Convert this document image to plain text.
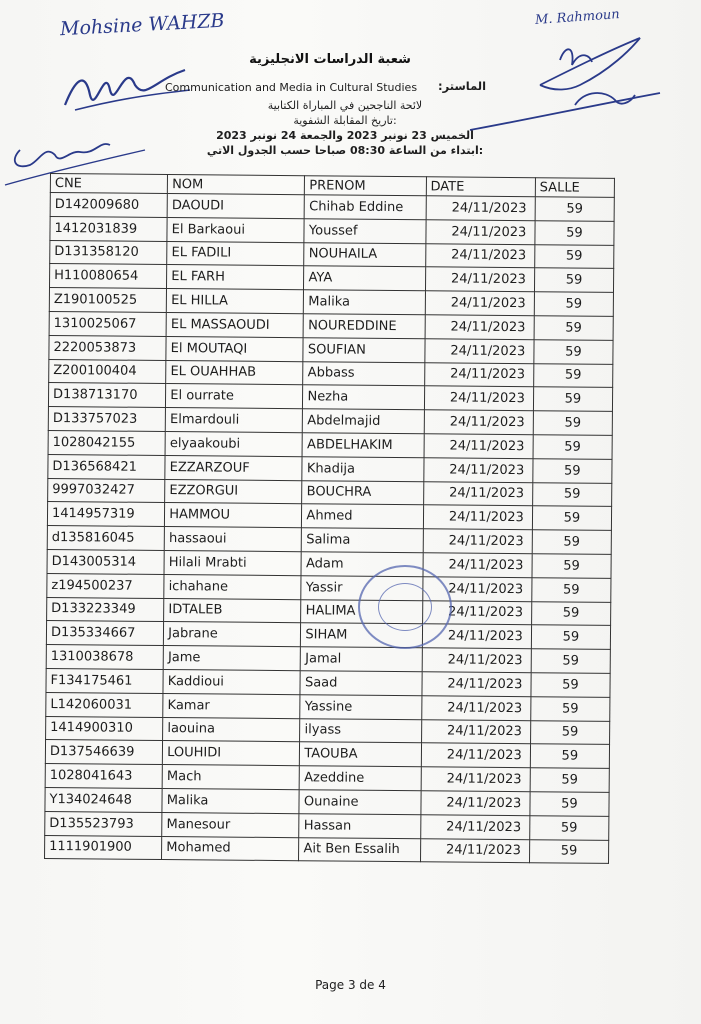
Mohsine WAHZB	M. Rahmoun
شعبة الدراسات الانجليزية
الماستر:
Communication and Media in Cultural Studies
لائحة الناجحين في المباراة الكتابية
تاريخ المقابلة الشفوية:
الخميس 23 نونبر 2023 والجمعة 24 نونبر 2023
ابتداء من الساعة 08:30 صباحا حسب الجدول الاتي:
CNE	NOM	PRENOM	DATE	SALLE
D142009680	DAOUDI	Chihab Eddine	24/11/2023	59
1412031839	El Barkaoui	Youssef	24/11/2023	59
D131358120	EL FADILI	NOUHAILA	24/11/2023	59
H110080654	EL FARH	AYA	24/11/2023	59
Z190100525	EL HILLA	Malika	24/11/2023	59
1310025067	EL MASSAOUDI	NOUREDDINE	24/11/2023	59
2220053873	El MOUTAQI	SOUFIAN	24/11/2023	59
Z200100404	EL OUAHHAB	Abbass	24/11/2023	59
D138713170	El ourrate	Nezha	24/11/2023	59
D133757023	Elmardouli	Abdelmajid	24/11/2023	59
1028042155	elyaakoubi	ABDELHAKIM	24/11/2023	59
D136568421	EZZARZOUF	Khadija	24/11/2023	59
9997032427	EZZORGUI	BOUCHRA	24/11/2023	59
1414957319	HAMMOU	Ahmed	24/11/2023	59
d135816045	hassaoui	Salima	24/11/2023	59
D143005314	Hilali Mrabti	Adam	24/11/2023	59
z194500237	ichahane	Yassir	24/11/2023	59
D133223349	IDTALEB	HALIMA	24/11/2023	59
D135334667	Jabrane	SIHAM	24/11/2023	59
1310038678	Jame	Jamal	24/11/2023	59
F134175461	Kaddioui	Saad	24/11/2023	59
L142060031	Kamar	Yassine	24/11/2023	59
1414900310	laouina	ilyass	24/11/2023	59
D137546639	LOUHIDI	TAOUBA	24/11/2023	59
1028041643	Mach	Azeddine	24/11/2023	59
Y134024648	Malika	Ounaine	24/11/2023	59
D135523793	Manesour	Hassan	24/11/2023	59
1111901900	Mohamed	Ait Ben Essalih	24/11/2023	59
Page 3 de 4
